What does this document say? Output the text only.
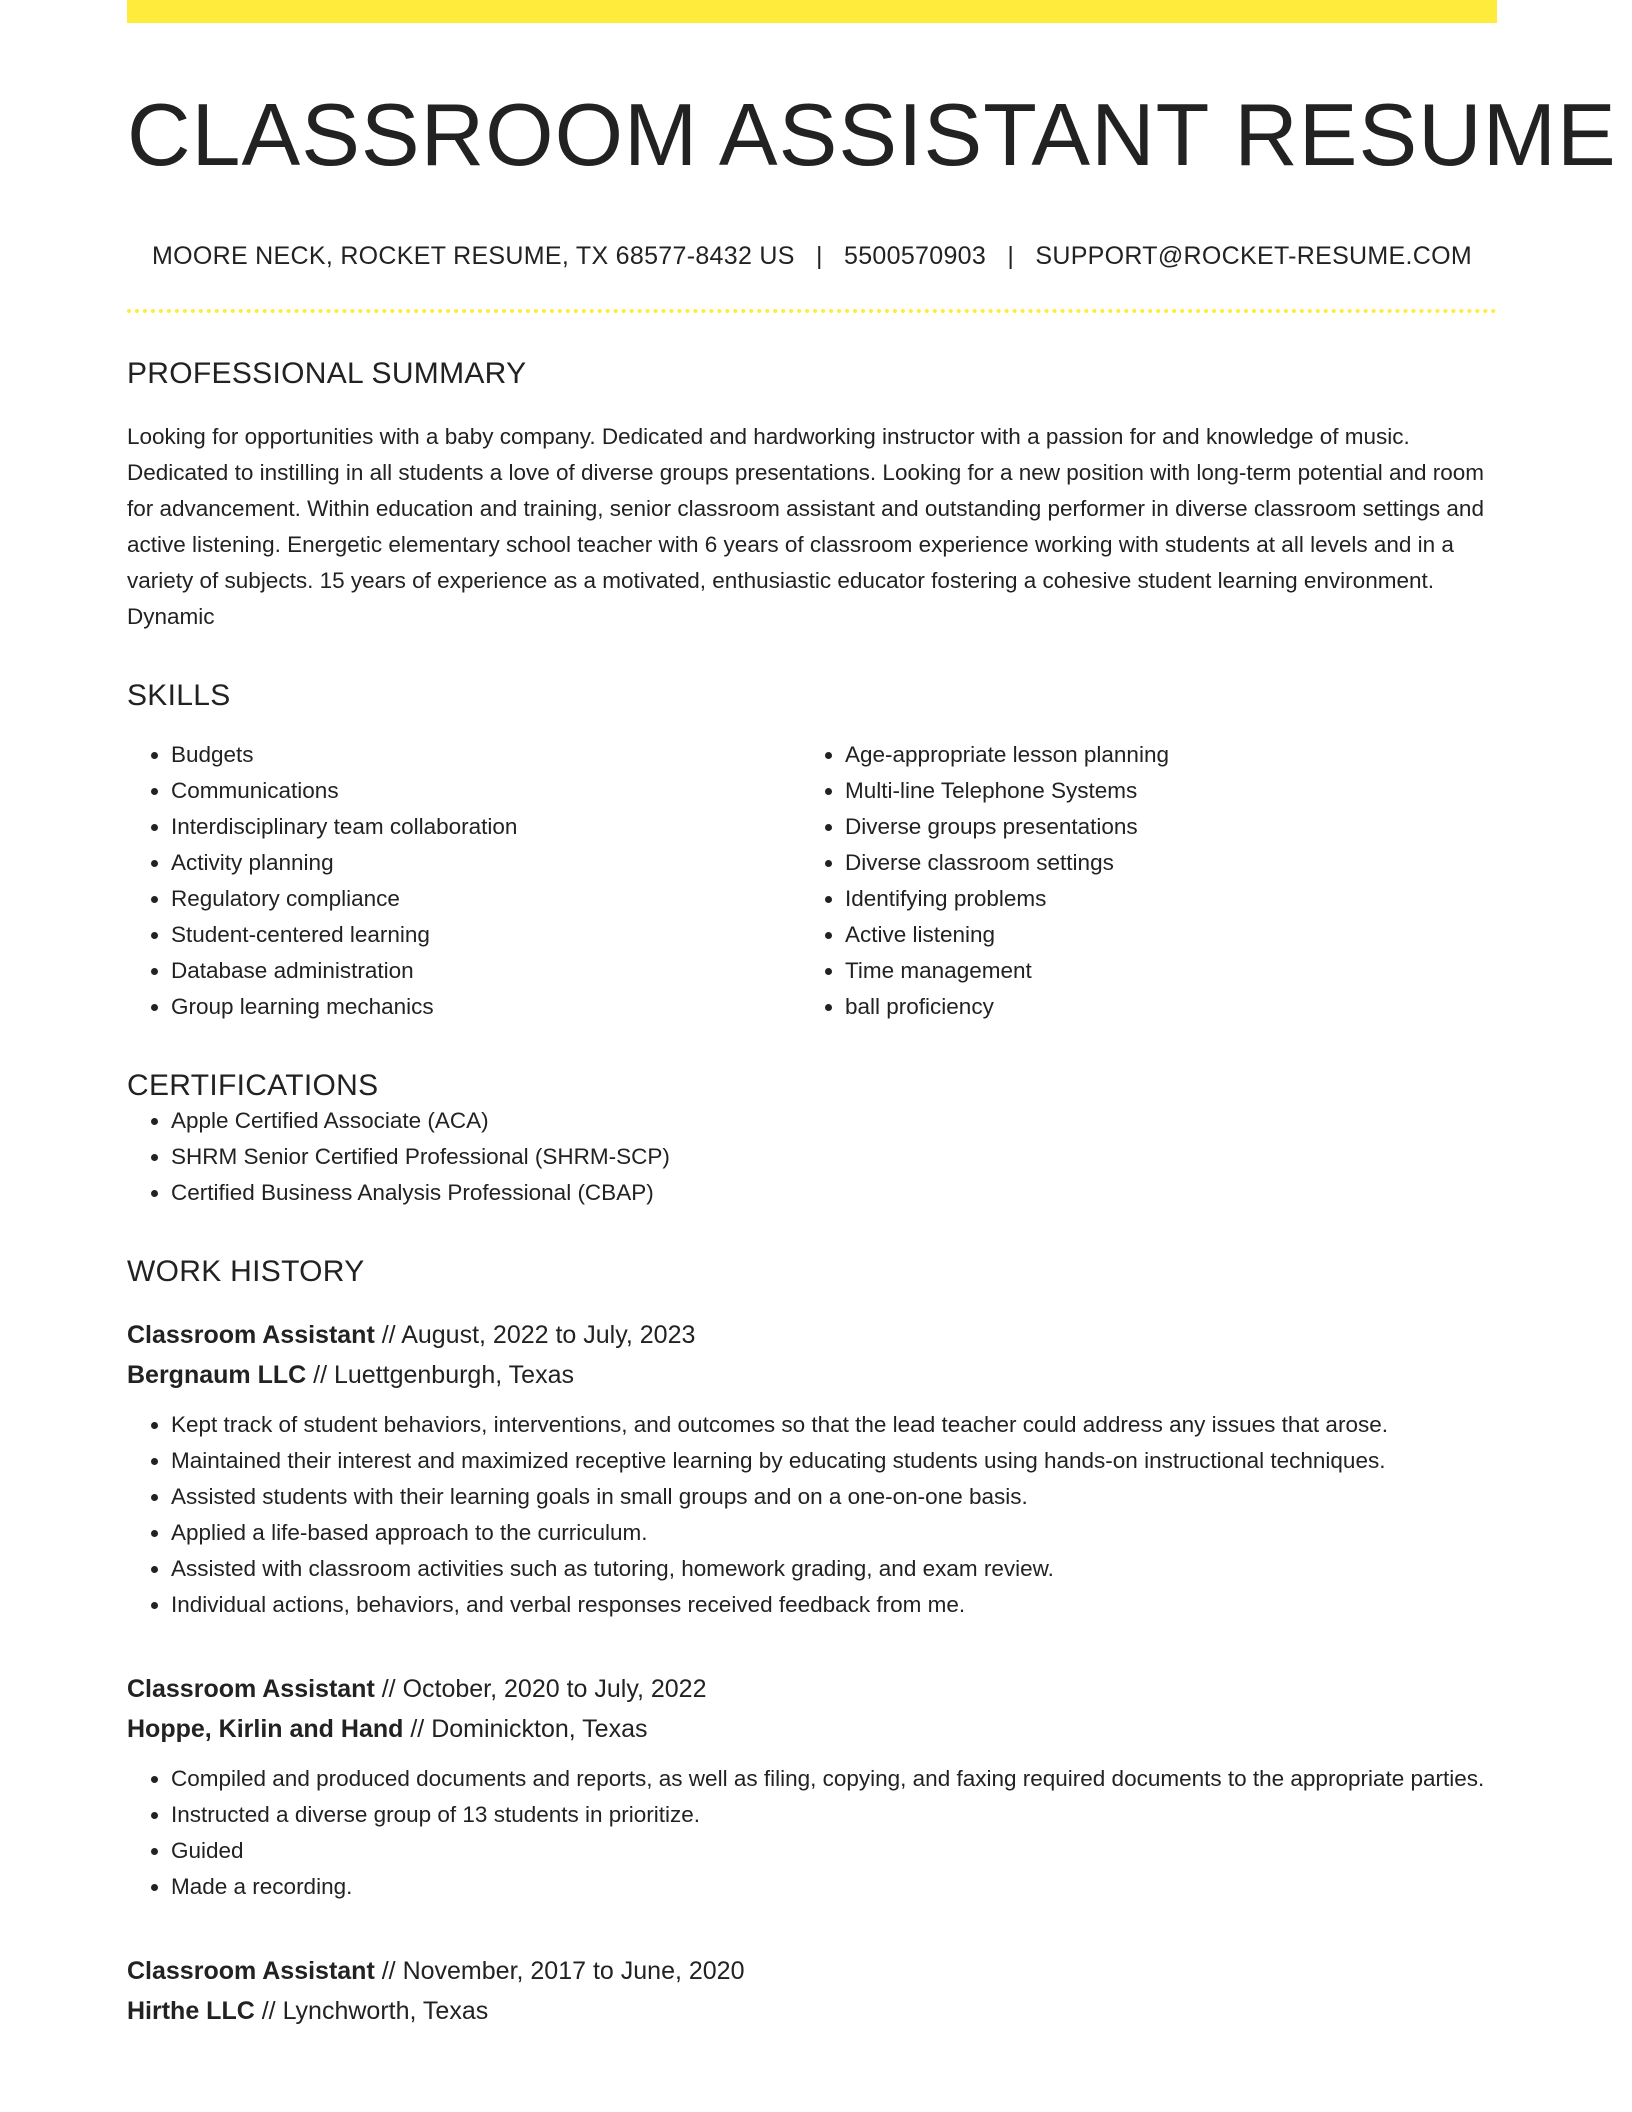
CLASSROOM ASSISTANT RESUME
MOORE NECK, ROCKET RESUME, TX 68577-8432 US | 5500570903 | SUPPORT@ROCKET-RESUME.COM
PROFESSIONAL SUMMARY

Looking for opportunities with a baby company. Dedicated and hardworking instructor with a passion for and knowledge of music. Dedicated to instilling in all students a love of diverse groups presentations. Looking for a new position with long-term potential and room for advancement. Within education and training, senior classroom assistant and outstanding performer in diverse classroom settings and active listening. Energetic elementary school teacher with 6 years of classroom experience working with students at all levels and in a variety of subjects. 15 years of experience as a motivated, enthusiastic educator fostering a cohesive student learning environment. Dynamic

SKILLS
• Budgets
• Communications
• Interdisciplinary team collaboration
• Activity planning
• Regulatory compliance
• Student-centered learning
• Database administration
• Group learning mechanics
• Age-appropriate lesson planning
• Multi-line Telephone Systems
• Diverse groups presentations
• Diverse classroom settings
• Identifying problems
• Active listening
• Time management
• ball proficiency
CERTIFICATIONS
• Apple Certified Associate (ACA)
• SHRM Senior Certified Professional (SHRM-SCP)
• Certified Business Analysis Professional (CBAP)
WORK HISTORY
Classroom Assistant // August, 2022 to July, 2023
Bergnaum LLC // Luettgenburgh, Texas
• Kept track of student behaviors, interventions, and outcomes so that the lead teacher could address any issues that arose.
• Maintained their interest and maximized receptive learning by educating students using hands-on instructional techniques.
• Assisted students with their learning goals in small groups and on a one-on-one basis.
• Applied a life-based approach to the curriculum.
• Assisted with classroom activities such as tutoring, homework grading, and exam review.
• Individual actions, behaviors, and verbal responses received feedback from me.
Classroom Assistant // October, 2020 to July, 2022
Hoppe, Kirlin and Hand // Dominickton, Texas
• Compiled and produced documents and reports, as well as filing, copying, and faxing required documents to the appropriate parties.
• Instructed a diverse group of 13 students in prioritize.
• Guided
• Made a recording.
Classroom Assistant // November, 2017 to June, 2020
Hirthe LLC // Lynchworth, Texas
